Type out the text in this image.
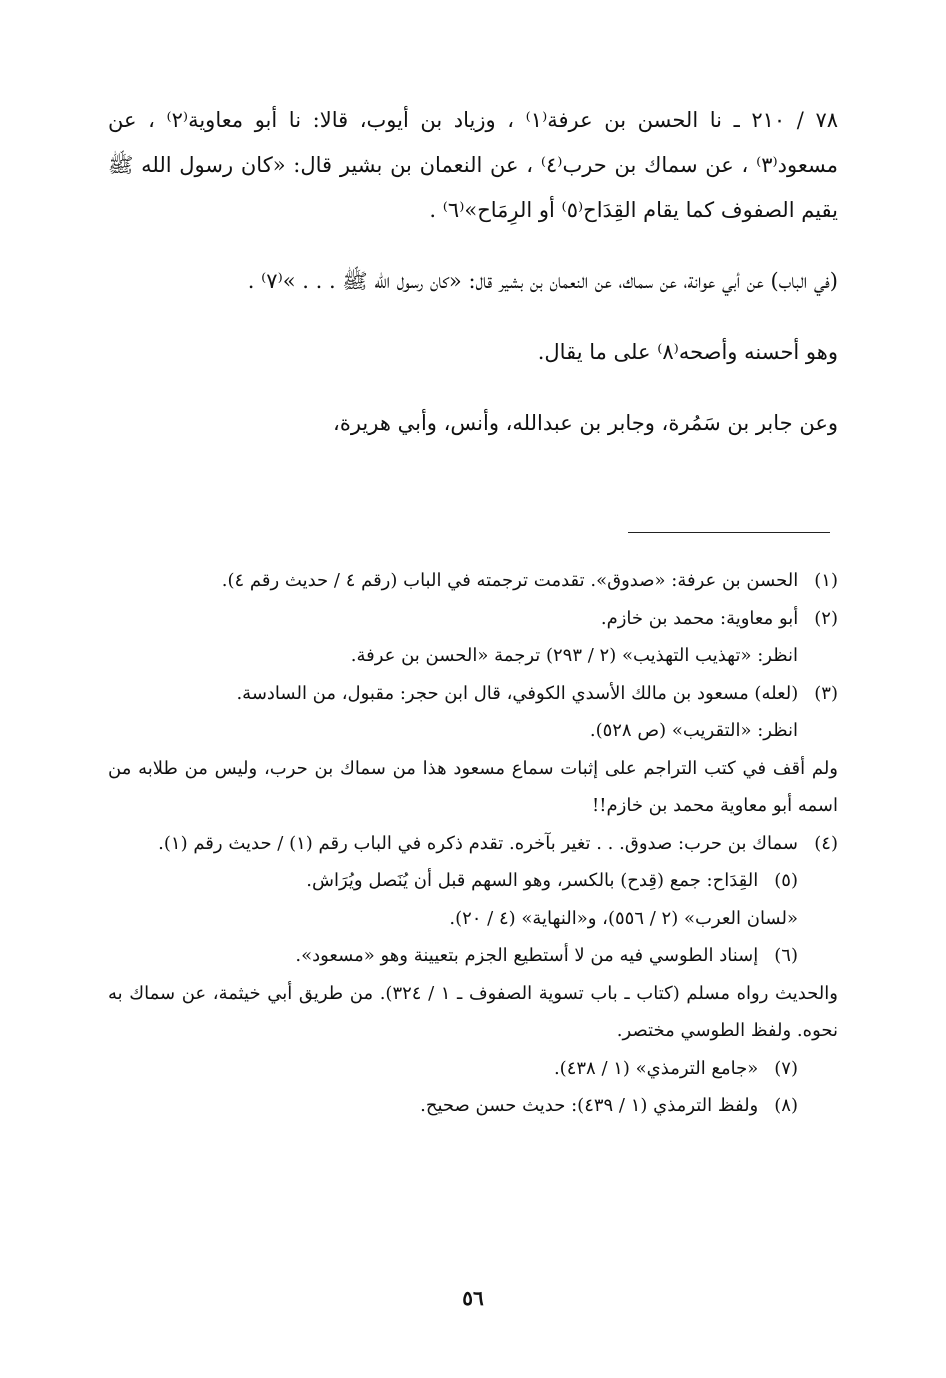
٧٨ / ٢١٠ ـ نا الحسن بن عرفة⁽١⁾ ، وزياد بن أيوب، قالا: نا أبو معاوية⁽٢⁾ ، عن مسعود⁽٣⁾ ، عن سماك بن حرب⁽٤⁾ ، عن النعمان بن بشير قال: «كان رسول الله ﷺ يقيم الصفوف كما يقام القِدَاح⁽٥⁾ أو الرِمَاح»⁽٦⁾ .

(في الباب) عن أبي عوانة، عن سماك، عن النعمان بن بشير قال: «كان رسول الله ﷺ . . . »⁽٧⁾ .

وهو أحسنه وأصحه⁽٨⁾ على ما يقال.

وعن جابر بن سَمُرة، وجابر بن عبدالله، وأنس، وأبي هريرة،

(١) الحسن بن عرفة: «صدوق». تقدمت ترجمته في الباب (رقم ٤ / حديث رقم ٤).

(٢) أبو معاوية: محمد بن خازم.

انظر: «تهذيب التهذيب» (٢ / ٢٩٣) ترجمة «الحسن بن عرفة.

(٣) (لعله) مسعود بن مالك الأسدي الكوفي، قال ابن حجر: مقبول، من السادسة.

انظر: «التقريب» (ص ٥٢٨).

ولم أقف في كتب التراجم على إثبات سماع مسعود هذا من سماك بن حرب، وليس من طلابه من اسمه أبو معاوية محمد بن خازم!!

(٤)سماك بن حرب: صدوق. . . تغير بآخره. تقدم ذكره في الباب رقم (١) / حديث رقم (١).

(٥) القِدَاح: جمع (قِدح) بالكسر، وهو السهم قبل أن يُنَصل ويُرَاش.

«لسان العرب» (٢ / ٥٥٦)، و«النهاية» (٤ / ٢٠).

(٦) إسناد الطوسي فيه من لا أستطيع الجزم بتعيينة وهو «مسعود».

والحديث رواه مسلم (كتاب ـ باب تسوية الصفوف ـ ١ / ٣٢٤). من طريق أبي خيثمة، عن سماك به نحوه. ولفظ الطوسي مختصر.

(٧) «جامع الترمذي» (١ / ٤٣٨).

(٨) ولفظ الترمذي (١ / ٤٣٩): حديث حسن صحيح.

٥٦
